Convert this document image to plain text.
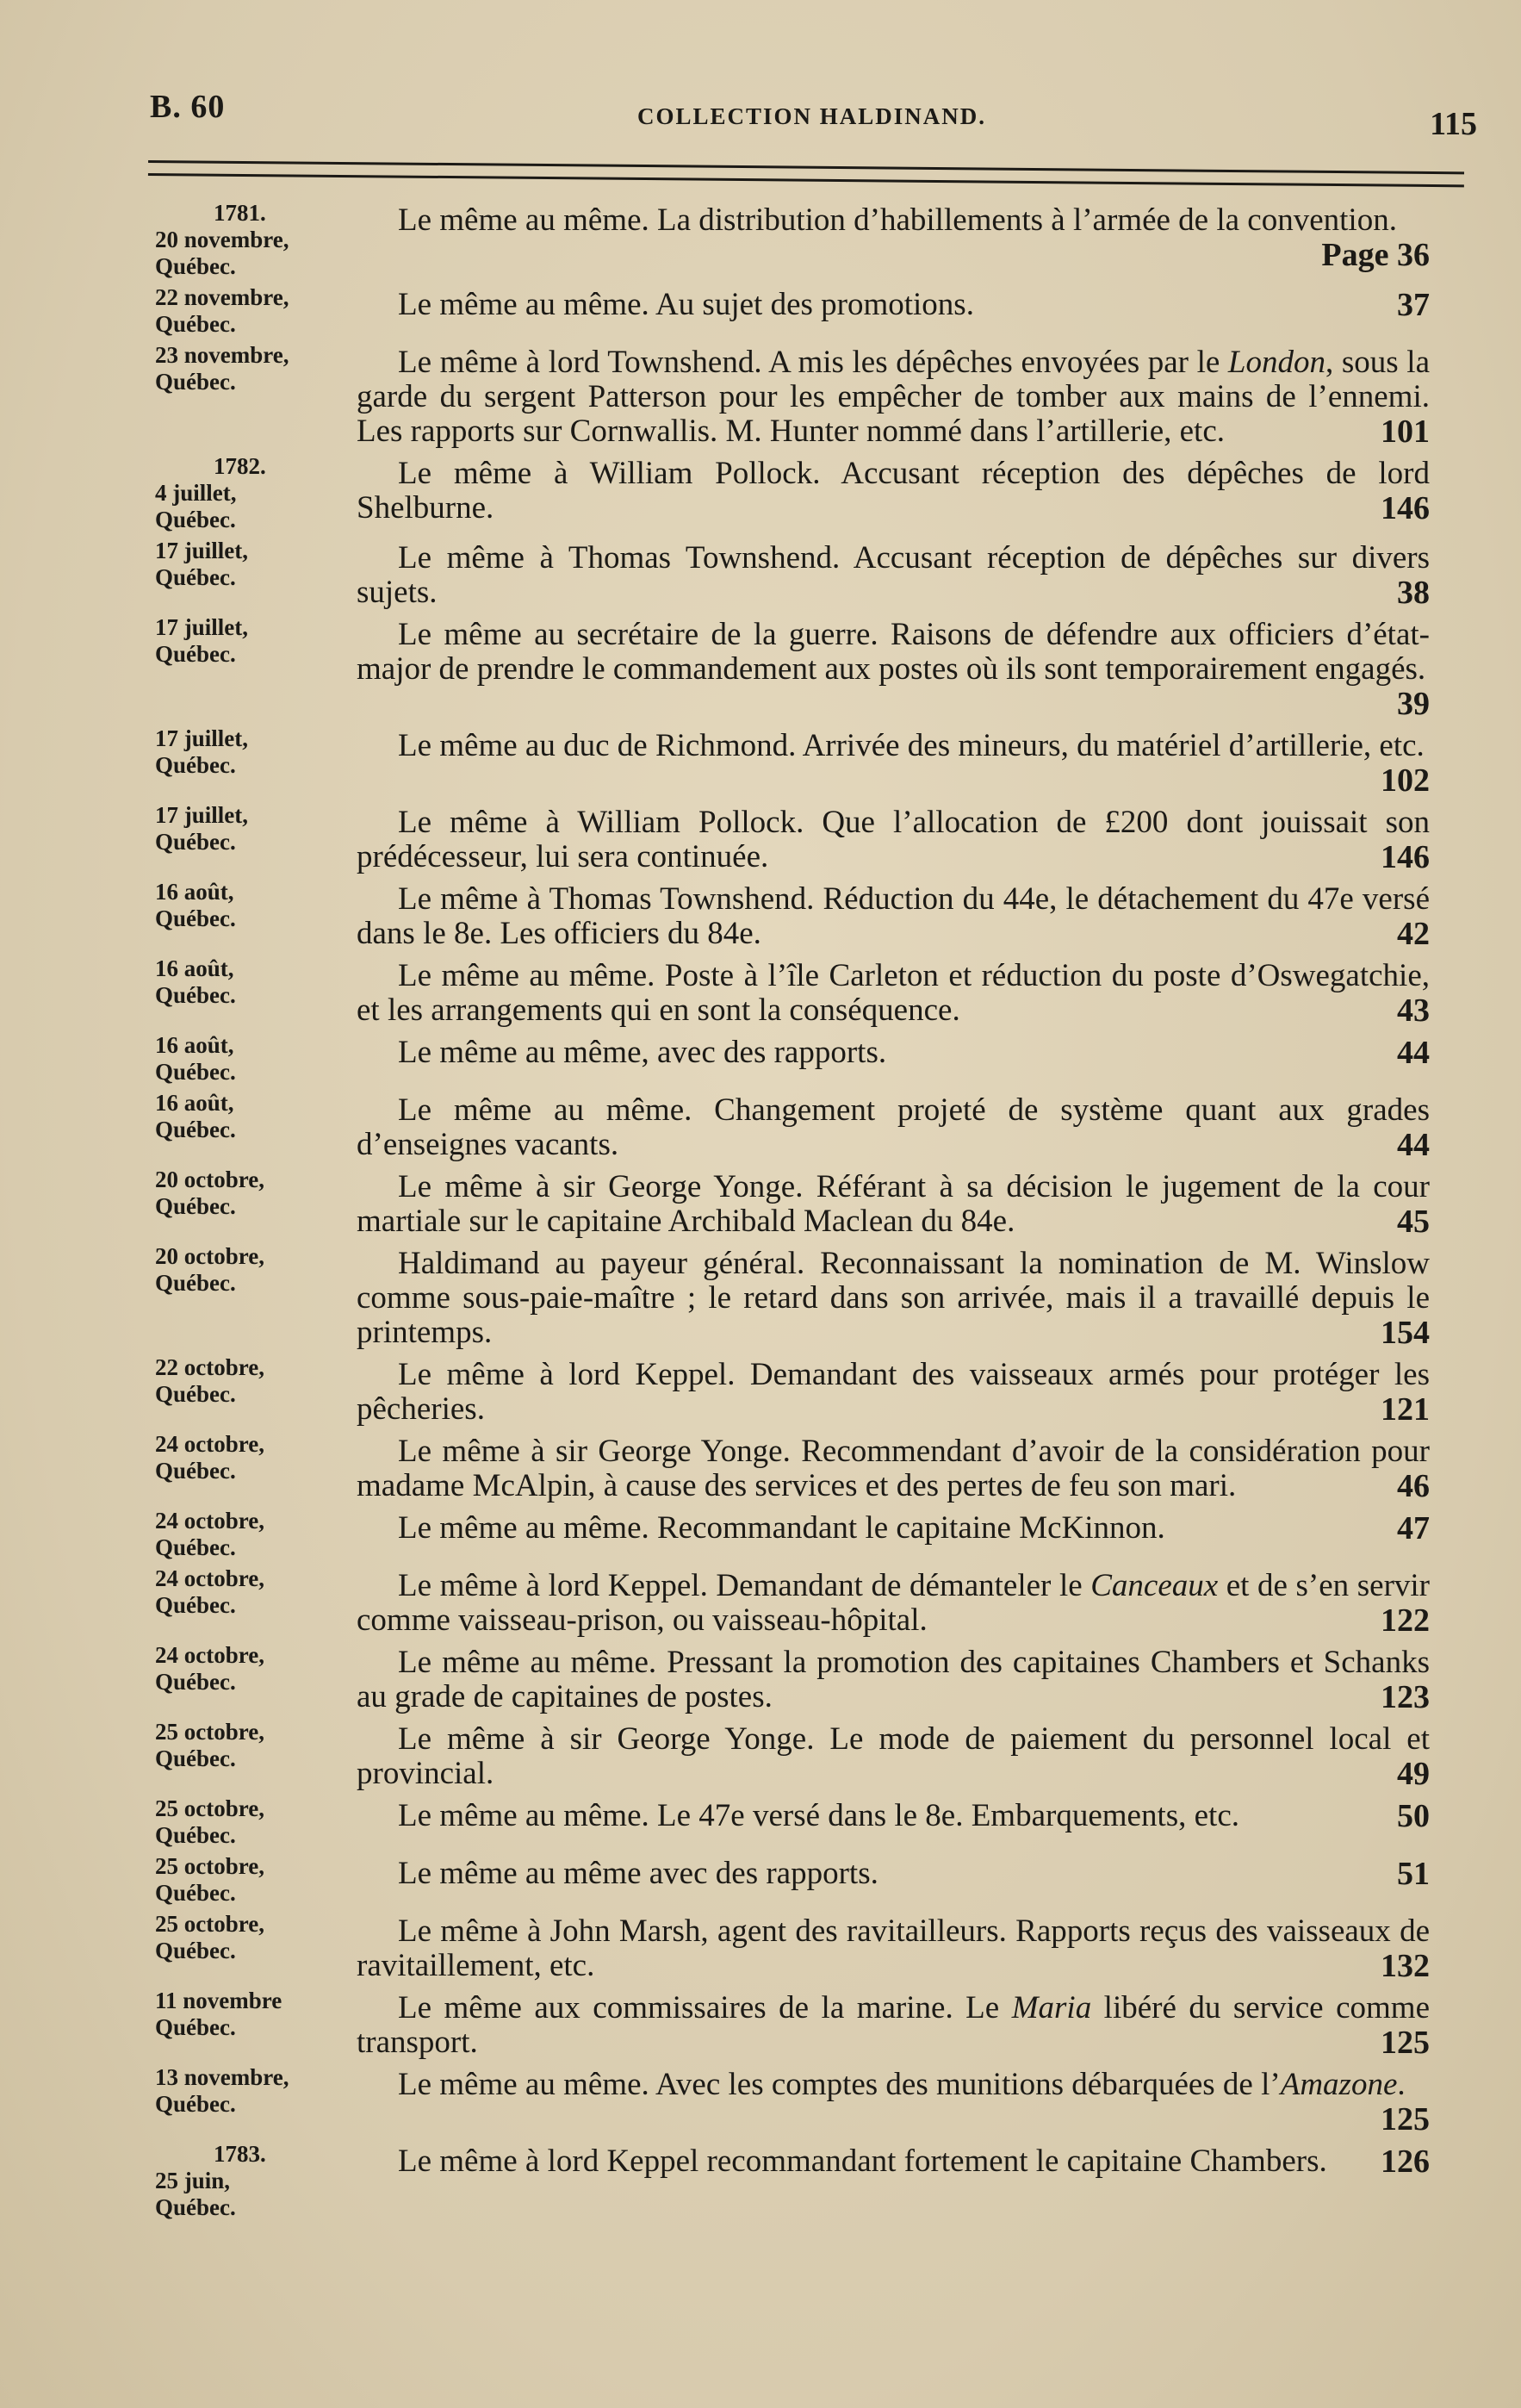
B. 60	COLLECTION HALDINAND.	115
1781.
20 novembre,
Québec.
Le même au même. La distribution d’habillements à l’armée de la convention.
Page 36
22 novembre,
Québec.
Le même au même. Au sujet des promotions.	37
23 novembre,
Québec.
Le même à lord Townshend. A mis les dépêches envoyées par le London, sous la garde du sergent Patterson pour les empêcher de tomber aux mains de l’ennemi. Les rapports sur Cornwallis. M. Hunter nommé dans l’artillerie, etc.	101
1782.
4 juillet,
Québec.
Le même à William Pollock. Accusant réception des dépêches de lord Shelburne.	146
17 juillet,
Québec.
Le même à Thomas Townshend. Accusant réception de dépêches sur divers sujets.	38
17 juillet,
Québec.
Le même au secrétaire de la guerre. Raisons de défendre aux officiers d’état-major de prendre le commandement aux postes où ils sont temporairement engagés.
39
17 juillet,
Québec.
Le même au duc de Richmond. Arrivée des mineurs, du matériel d’artillerie, etc.
102
17 juillet,
Québec.
Le même à William Pollock. Que l’allocation de £200 dont jouissait son prédécesseur, lui sera continuée.	146
16 août,
Québec.
Le même à Thomas Townshend. Réduction du 44e, le détachement du 47e versé dans le 8e. Les officiers du 84e.	42
16 août,
Québec.
Le même au même. Poste à l’île Carleton et réduction du poste d’Oswegatchie, et les arrangements qui en sont la conséquence.	43
16 août,
Québec.
Le même au même, avec des rapports.	44
16 août,
Québec.
Le même au même. Changement projeté de système quant aux grades d’enseignes vacants.	44
20 octobre,
Québec.
Le même à sir George Yonge. Référant à sa décision le jugement de la cour martiale sur le capitaine Archibald Maclean du 84e.	45
20 octobre,
Québec.
Haldimand au payeur général. Reconnaissant la nomination de M. Winslow comme sous-paie-maître ; le retard dans son arrivée, mais il a travaillé depuis le printemps.	154
22 octobre,
Québec.
Le même à lord Keppel. Demandant des vaisseaux armés pour protéger les pêcheries.	121
24 octobre,
Québec.
Le même à sir George Yonge. Recommendant d’avoir de la considération pour madame McAlpin, à cause des services et des pertes de feu son mari.	46
24 octobre,
Québec.
Le même au même. Recommandant le capitaine McKinnon.	47
24 octobre,
Québec.
Le même à lord Keppel. Demandant de démanteler le Canceaux et de s’en servir comme vaisseau-prison, ou vaisseau-hôpital.	122
24 octobre,
Québec.
Le même au même. Pressant la promotion des capitaines Chambers et Schanks au grade de capitaines de postes.	123
25 octobre,
Québec.
Le même à sir George Yonge. Le mode de paiement du personnel local et provincial.	49
25 octobre,
Québec.
Le même au même. Le 47e versé dans le 8e. Embarquements, etc.	50
25 octobre,
Québec.
Le même au même avec des rapports.	51
25 octobre,
Québec.
Le même à John Marsh, agent des ravitailleurs. Rapports reçus des vaisseaux de ravitaillement, etc.	132
11 novembre
Québec.
Le même aux commissaires de la marine. Le Maria libéré du service comme transport.	125
13 novembre,
Québec.
Le même au même. Avec les comptes des munitions débarquées de l’Amazone.
125
1783.
25 juin,
Québec.
Le même à lord Keppel recommandant fortement le capitaine Chambers. 126
